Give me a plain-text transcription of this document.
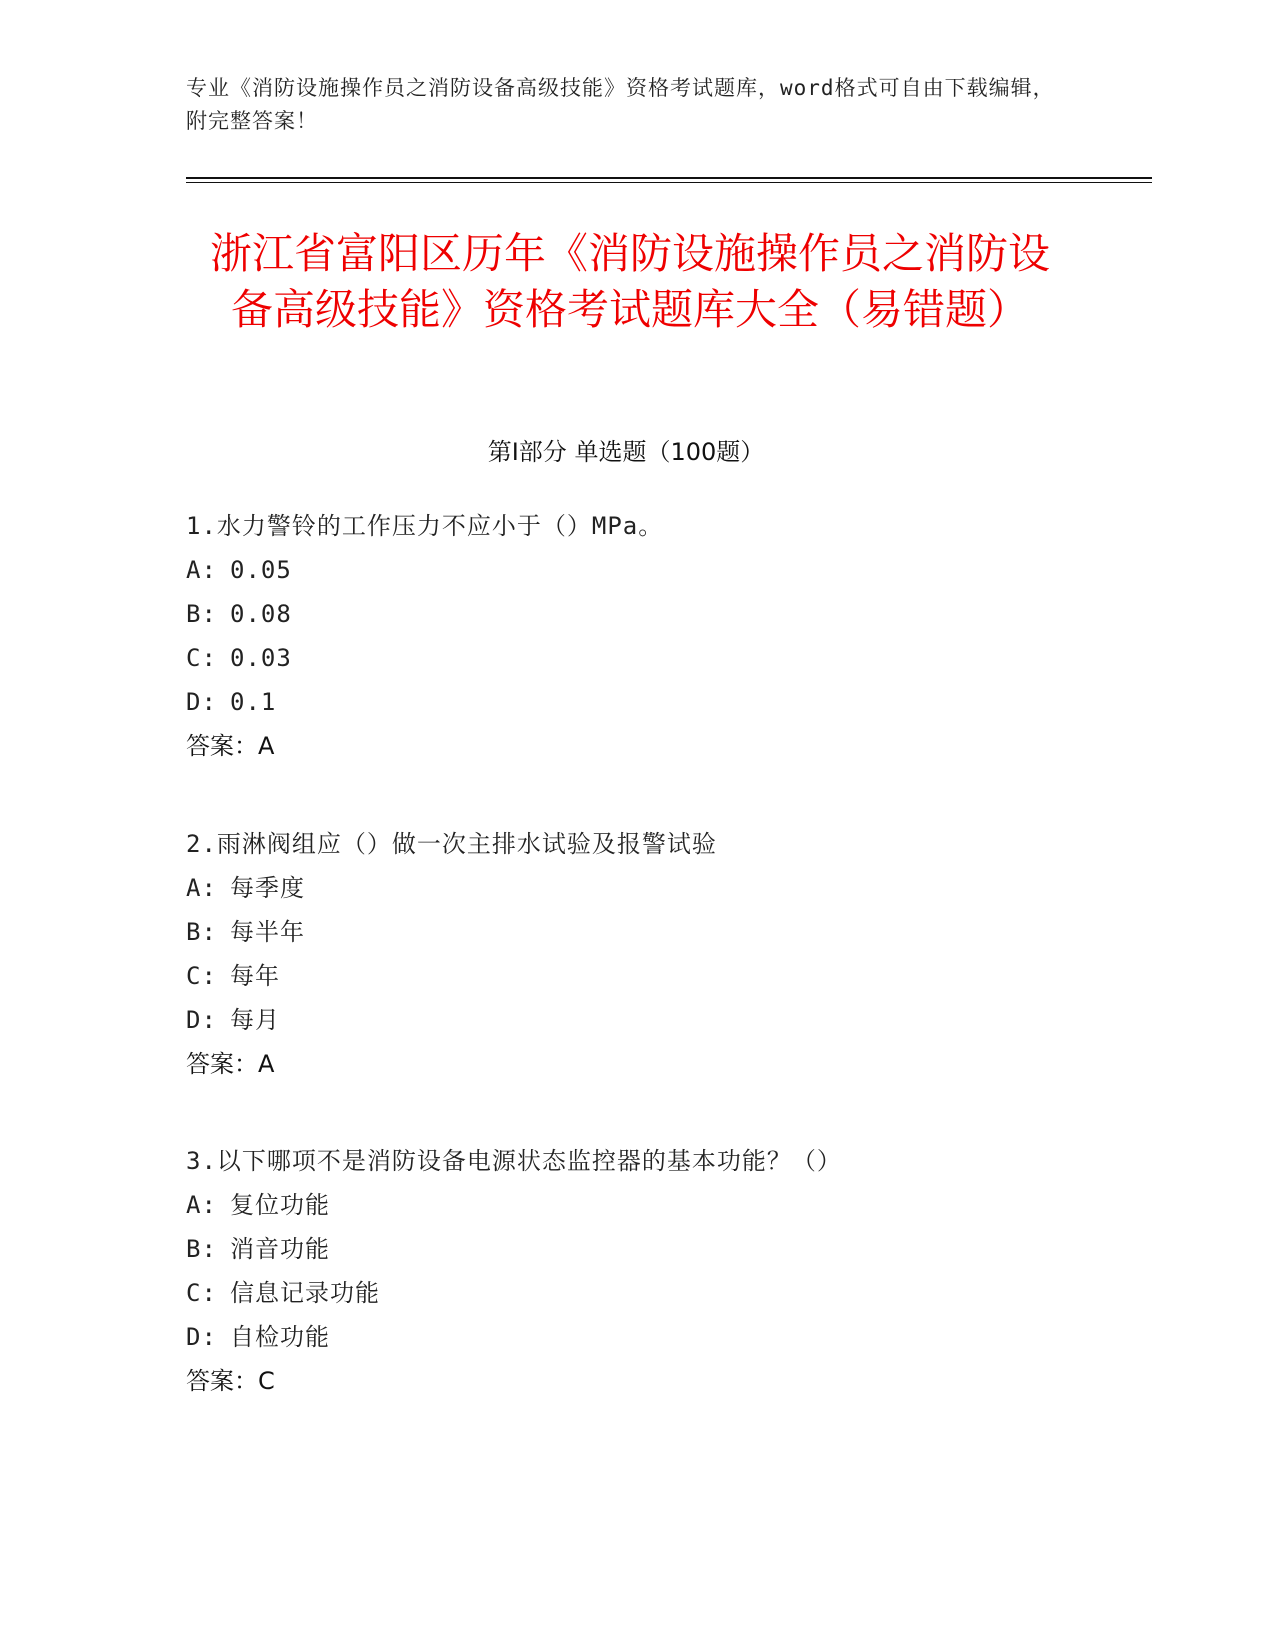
专业《消防设施操作员之消防设备高级技能》资格考试题库，word格式可自由下载编辑，附完整答案！
浙江省富阳区历年《消防设施操作员之消防设备高级技能》资格考试题库大全（易错题）
第Ⅰ部分 单选题（100题）
1.水力警铃的工作压力不应小于（）MPa。
A: 0.05
B: 0.08
C: 0.03
D: 0.1
答案：A
2.雨淋阀组应（）做一次主排水试验及报警试验
A: 每季度
B: 每半年
C: 每年
D: 每月
答案：A
3.以下哪项不是消防设备电源状态监控器的基本功能？（）
A: 复位功能
B: 消音功能
C: 信息记录功能
D: 自检功能
答案：C
